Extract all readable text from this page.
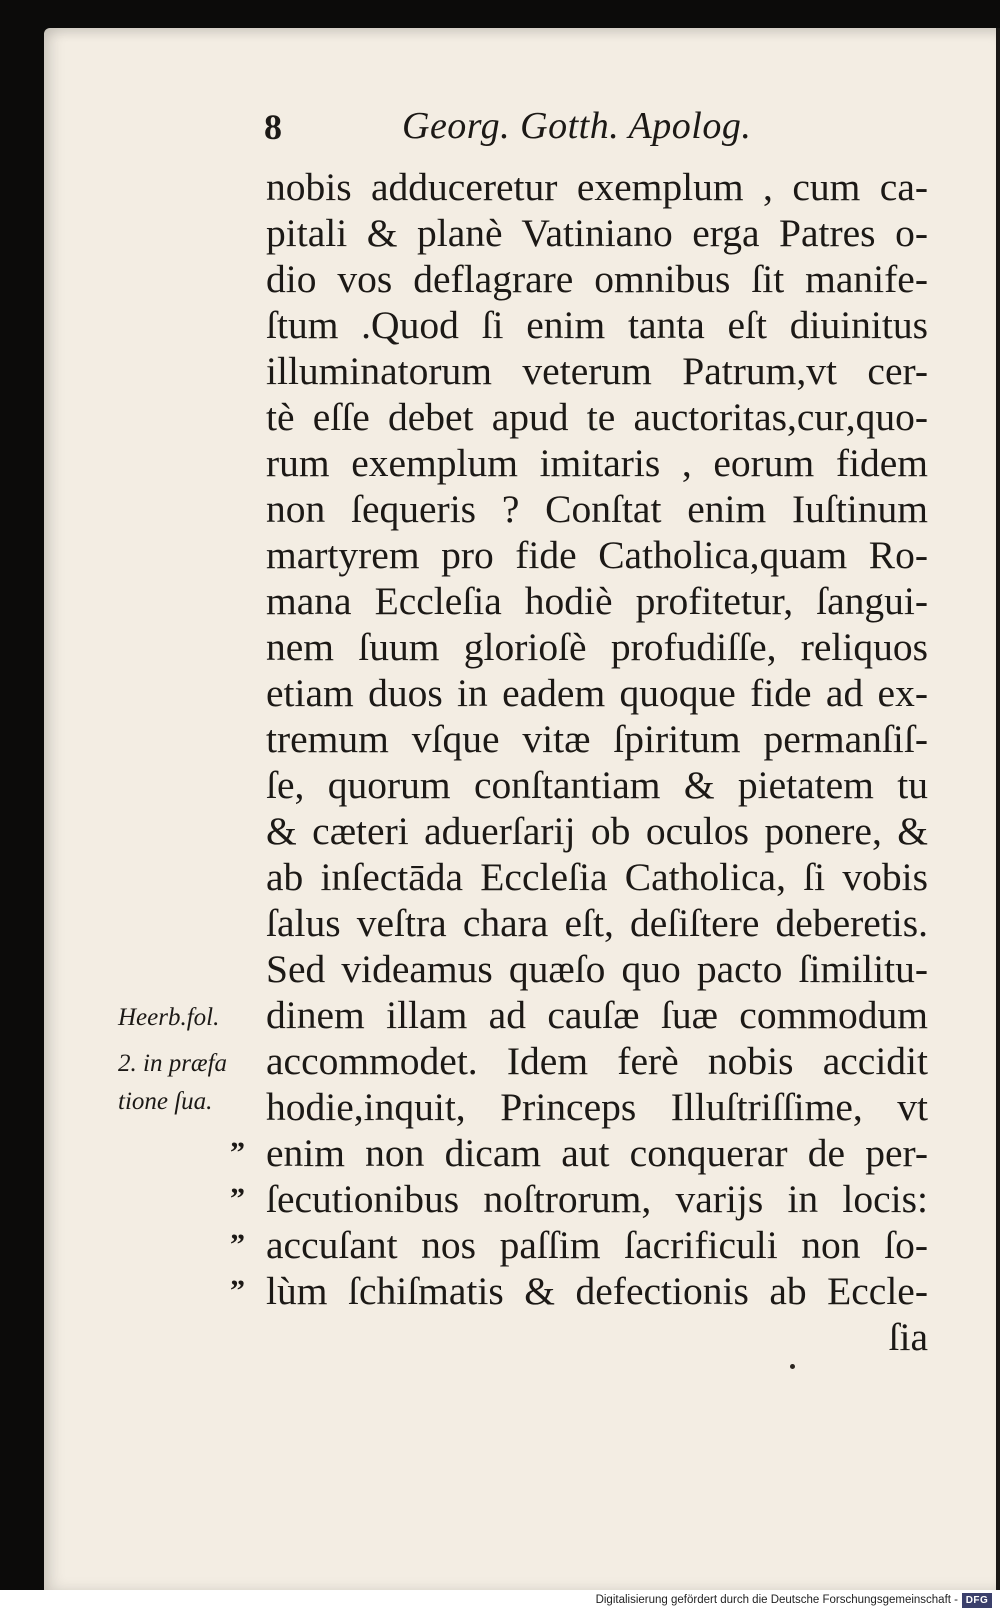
8	Georg. Gotth. Apolog.
nobis adduceretur exemplum , cum ca-
pitali & planè Vatiniano erga Patres o-
dio vos deflagrare omnibus ſit manife-
ſtum .Quod ſi enim tanta eſt diuinitus
illuminatorum veterum Patrum,vt cer-
tè eſſe debet apud te auctoritas,cur,quo-
rum exemplum imitaris , eorum fidem
non ſequeris ? Conſtat enim Iuſtinum
martyrem pro fide Catholica,quam Ro-
mana Eccleſia hodiè profitetur, ſangui-
nem ſuum glorioſè profudiſſe, reliquos
etiam duos in eadem quoque fide ad ex-
tremum vſque vitæ ſpiritum permanſiſ-
ſe, quorum conſtantiam & pietatem tu
& cæteri aduerſarij ob oculos ponere, &
ab inſectāda Eccleſia Catholica, ſi vobis
ſalus veſtra chara eſt, deſiſtere deberetis.
Sed videamus quæſo quo pacto ſimilitu-
dinem illam ad cauſæ ſuæ commodum
accommodet. Idem ferè nobis accidit
hodie,inquit, Princeps Illuſtriſſime, vt
enim non dicam aut conquerar de per-
ſecutionibus noſtrorum, varijs in locis:
accuſant nos paſſim ſacrificuli non ſo-
lùm ſchiſmatis & defectionis ab Eccle-
ſia
Heerb.fol.
2. in præfa
tione ſua.
”
”
”
”
Digitalisierung gefördert durch die Deutsche Forschungsgemeinschaft - DFG
